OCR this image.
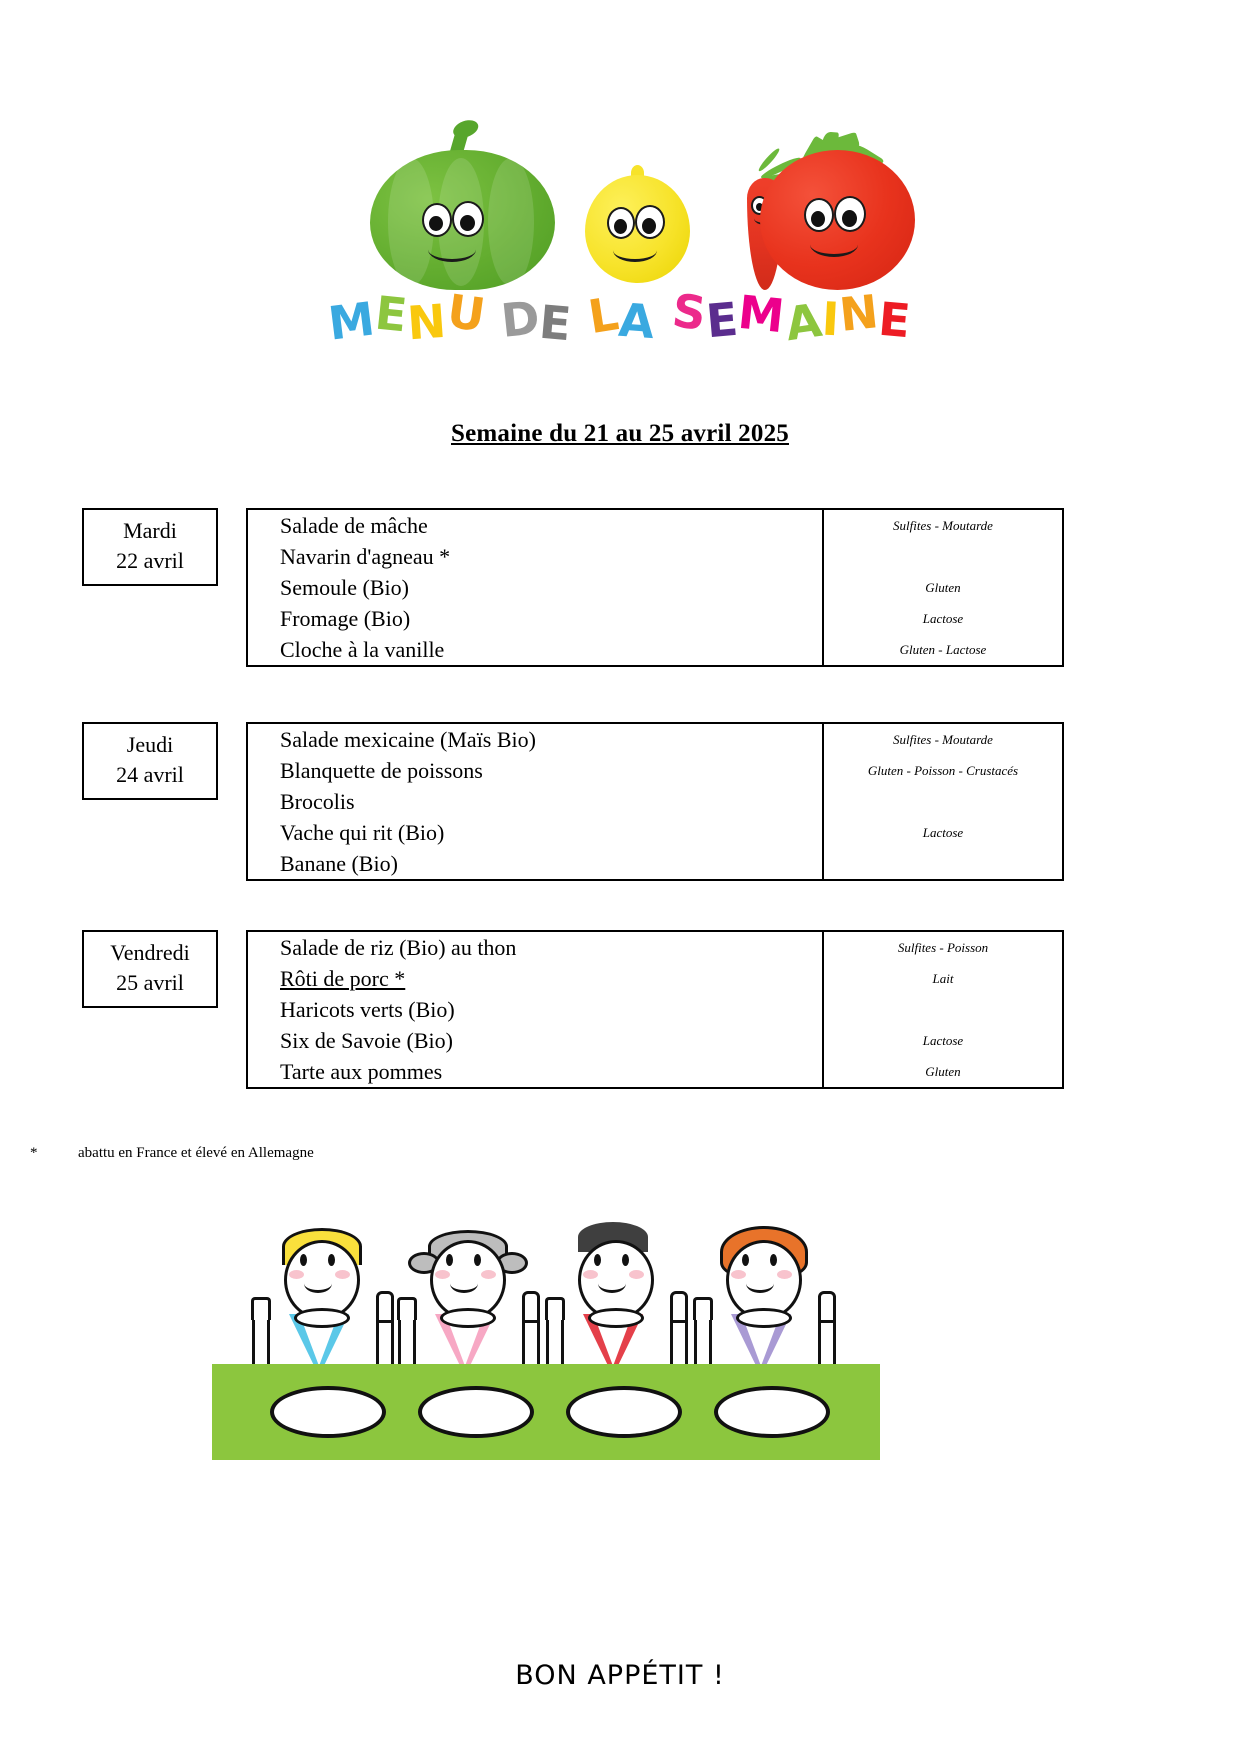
MENU DE LA SEMAINE
Semaine du 21 au 25 avril 2025
Mardi
22 avril
Salade de mâche	Sulfites - Moutarde
Navarin d'agneau *	
Semoule (Bio)	Gluten
Fromage (Bio)	Lactose
Cloche à la vanille	Gluten - Lactose
Jeudi
24 avril
Salade mexicaine (Maïs Bio)	Sulfites - Moutarde
Blanquette de poissons	Gluten - Poisson - Crustacés
Brocolis	
Vache qui rit (Bio)	Lactose
Banane (Bio)	
Vendredi
25 avril
Salade de riz (Bio) au thon	Sulfites - Poisson
Rôti de porc *	Lait
Haricots verts (Bio)	
Six de Savoie (Bio)	Lactose
Tarte aux pommes	Gluten
*	abattu en France et élevé en Allemagne
BON APPÉTIT !
